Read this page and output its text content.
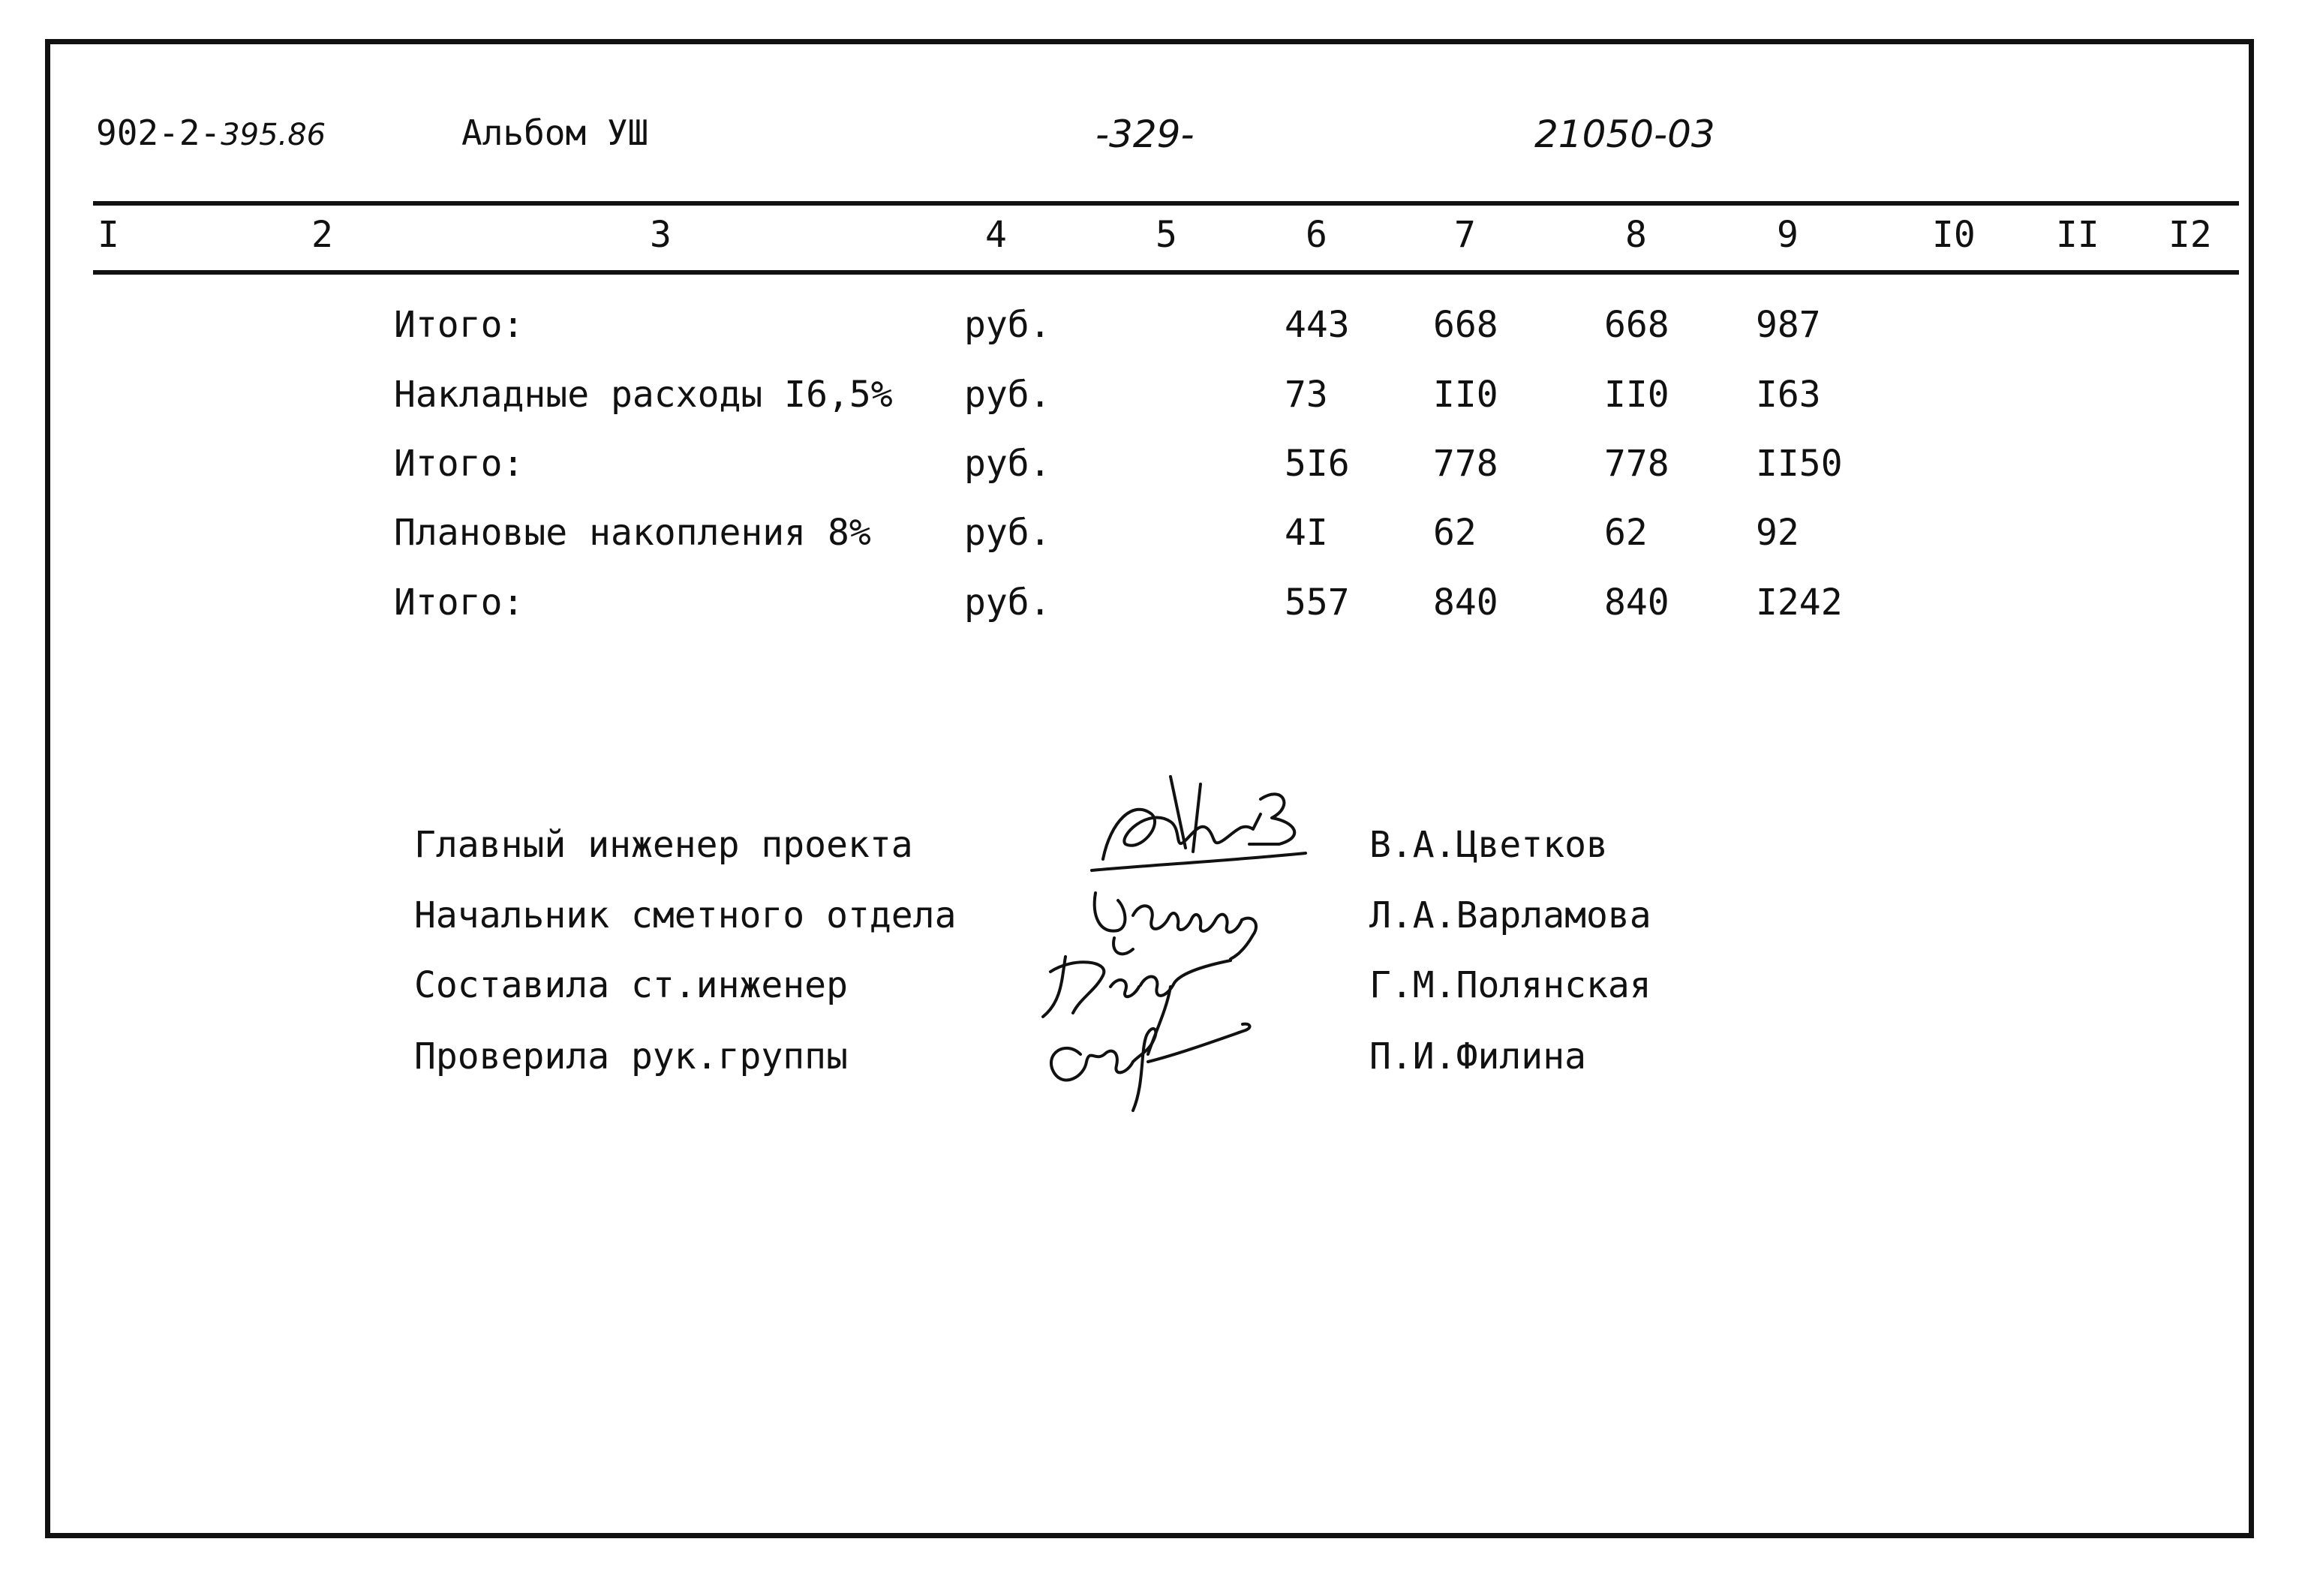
902-2-395.86	Альбом УШ	-329-	21050-03
I	2	3	4	5	6	7	8	9	I0 II I2
Итого:	руб.	443 668	668 987
Накладные расходы I6,5% руб.	73	II0	II0 I63
Итого:	руб.	5I6 778	778 II50
Плановые накопления 8%	руб.	4I	62	62	92
Итого:	руб.	557 840	840 I242
Главный инженер проекта
Начальник сметного отдела
Составила ст.инженер
Проверила рук.группы
В.А.Цветков
Л.А.Варламова
Г.М.Полянская
П.И.Филина
